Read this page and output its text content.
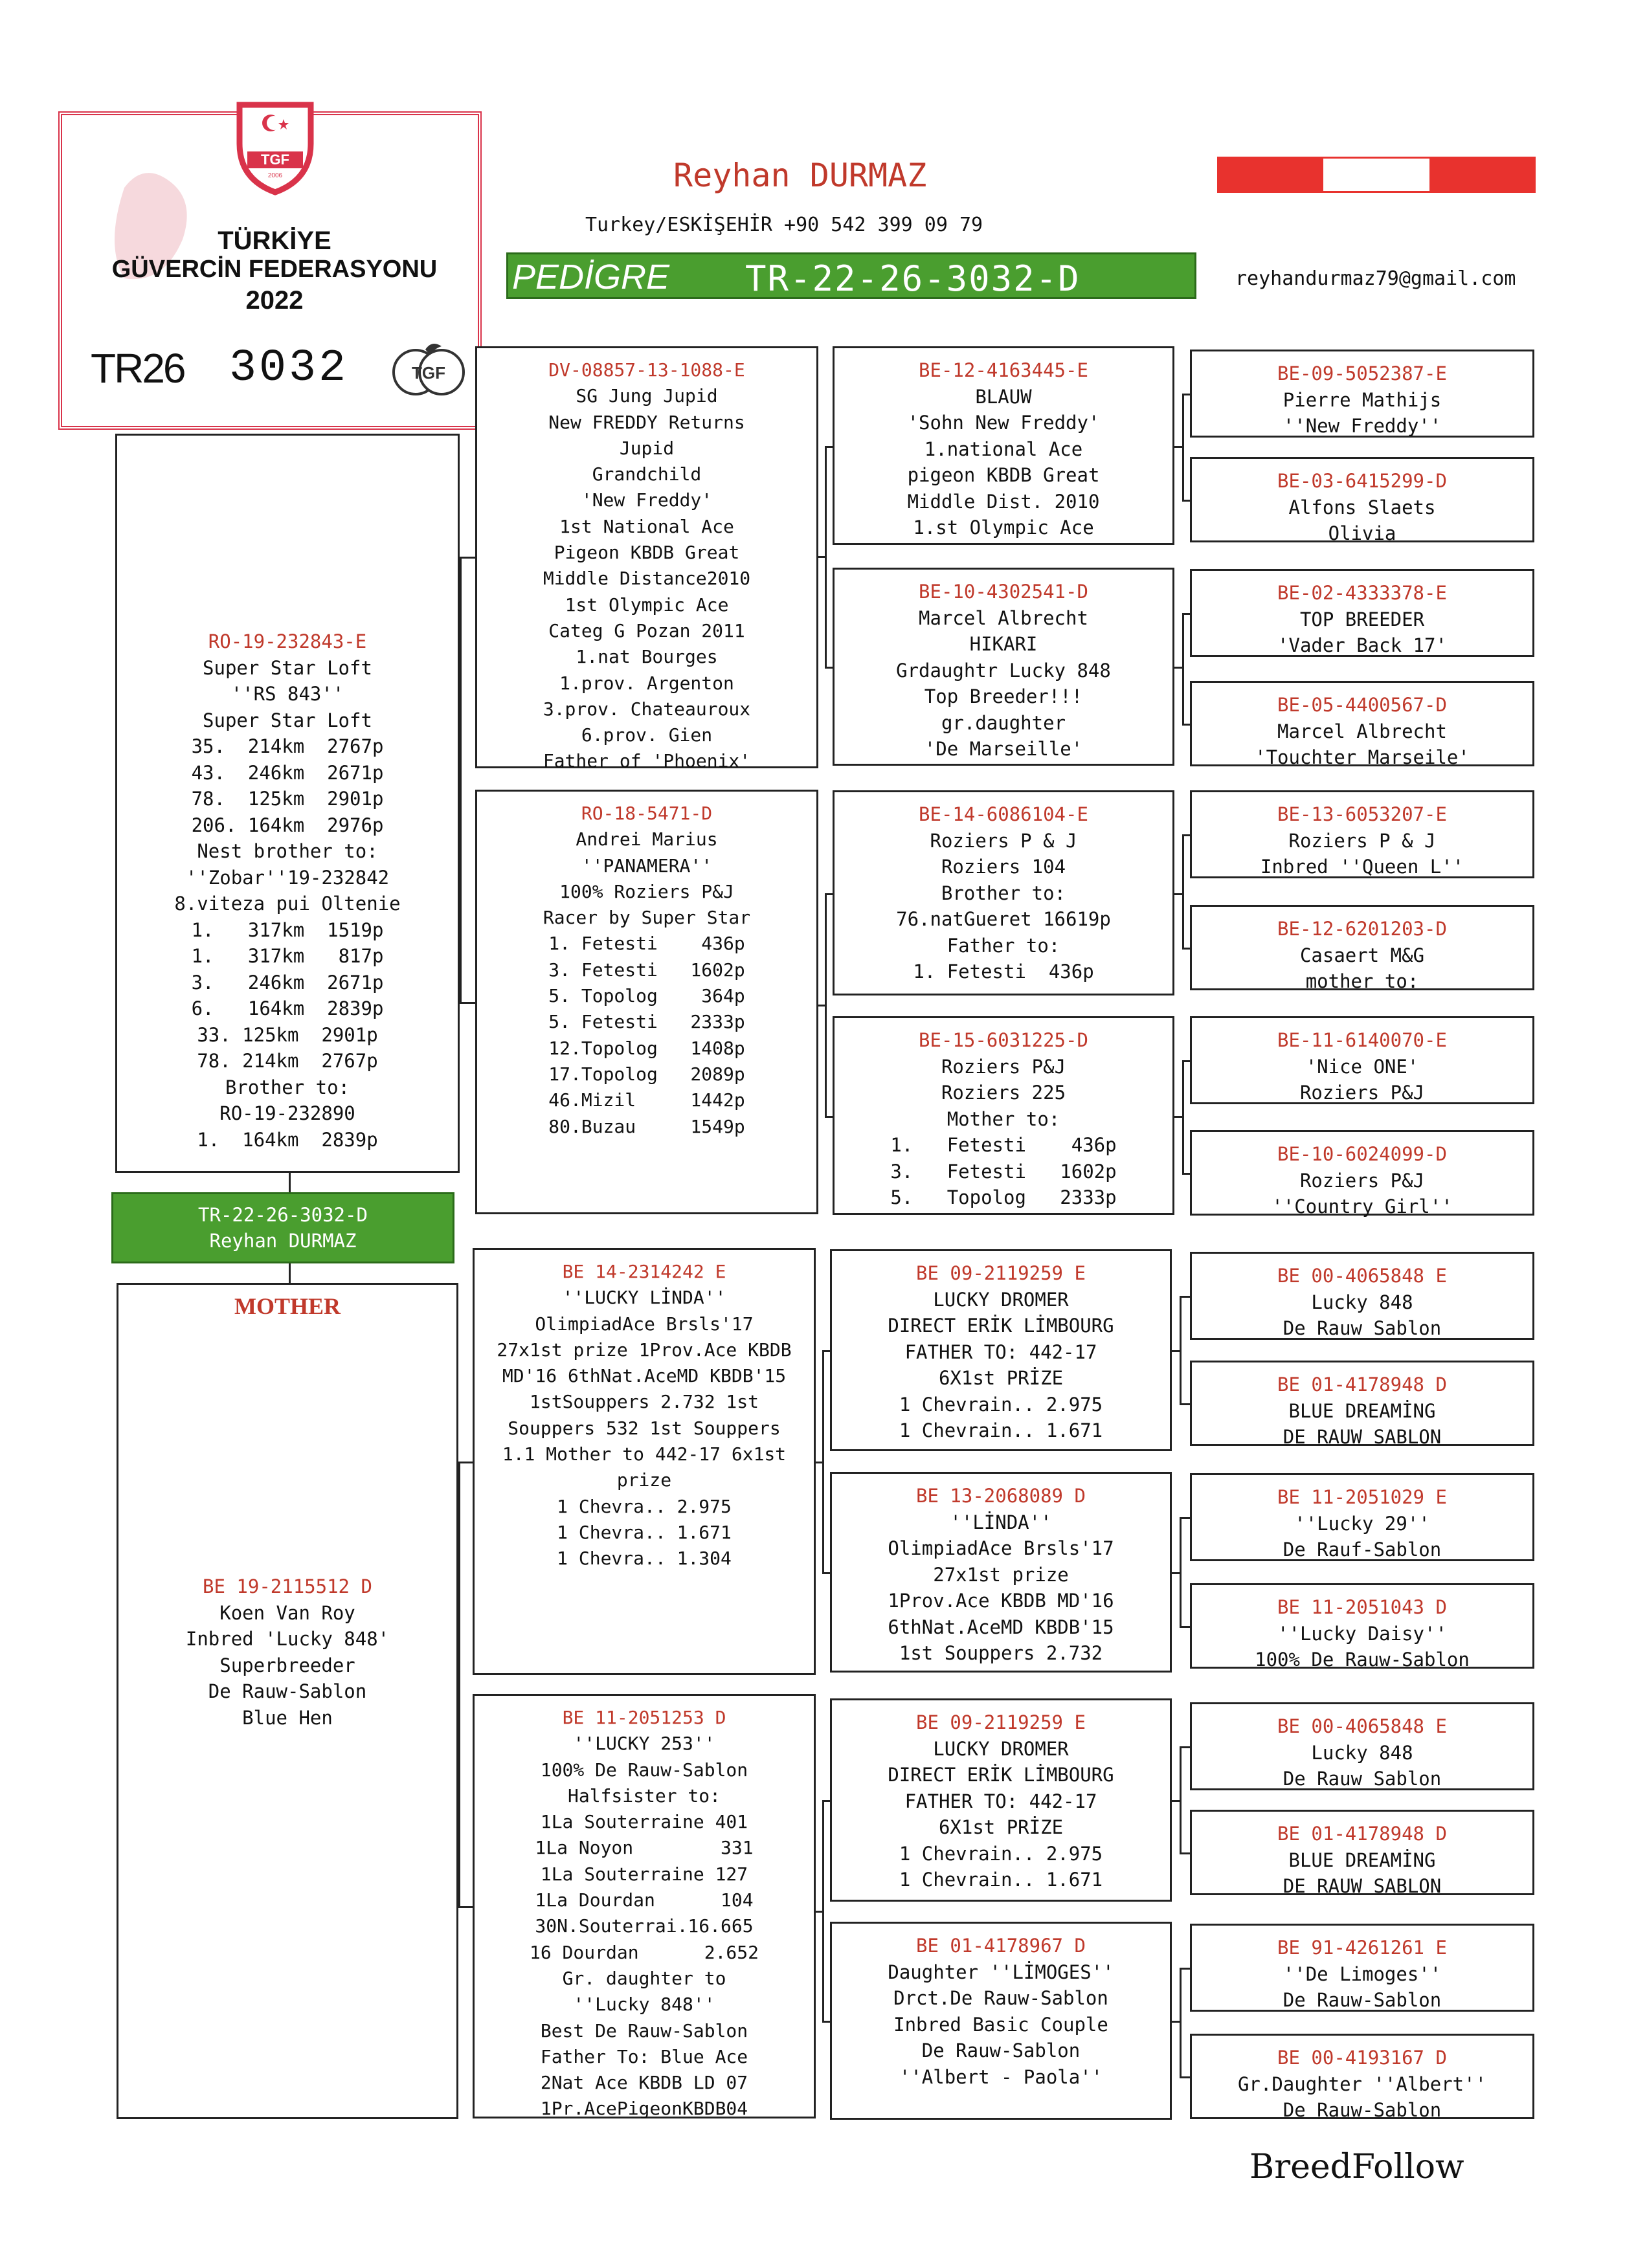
TGF
2006
TÜRKİYE
GÜVERCİN FEDERASYONU
2022
TR26 3032	TGF
Reyhan DURMAZ
Turkey/ESKİŞEHİR +90 542 399 09 79
PEDİGRE TR-22-26-3032-D	reyhandurmaz79@gmail.com
RO-19-232843-E
Super Star Loft
''RS 843''
Super Star Loft
35.  214km  2767p
43.  246km  2671p
78.  125km  2901p
206. 164km  2976p
Nest brother to:
''Zobar''19-232842
8.viteza pui Oltenie
1.   317km  1519p
1.   317km   817p
3.   246km  2671p
6.   164km  2839p
33. 125km  2901p
78. 214km  2767p
Brother to:
RO-19-232890
1.  164km  2839p
TR-22-26-3032-D
Reyhan DURMAZ
MOTHER
BE 19-2115512 D
Koen Van Roy
Inbred 'Lucky 848'
Superbreeder
De Rauw-Sablon
Blue Hen
DV-08857-13-1088-E
SG Jung Jupid
New FREDDY Returns
Jupid
Grandchild
'New Freddy'
1st National Ace
Pigeon KBDB Great
Middle Distance2010
1st Olympic Ace
Categ G Pozan 2011
1.nat Bourges
1.prov. Argenton
3.prov. Chateauroux
6.prov. Gien
Father of 'Phoenix'
RO-18-5471-D
Andrei Marius
''PANAMERA''
100% Roziers P&J
Racer by Super Star
1. Fetesti    436p
3. Fetesti   1602p
5. Topolog    364p
5. Fetesti   2333p
12.Topolog   1408p
17.Topolog   2089p
46.Mizil     1442p
80.Buzau     1549p
BE 14-2314242 E
''LUCKY LİNDA''
OlimpiadAce Brsls'17
27x1st prize 1Prov.Ace KBDB
MD'16 6thNat.AceMD KBDB'15
1stSouppers 2.732 1st
Souppers 532 1st Souppers
1.1 Mother to 442-17 6x1st
prize
1 Chevra.. 2.975
1 Chevra.. 1.671
1 Chevra.. 1.304
BE 11-2051253 D
''LUCKY 253''
100% De Rauw-Sablon
Halfsister to:
1La Souterraine 401
1La Noyon        331
1La Souterraine 127
1La Dourdan      104
30N.Souterrai.16.665
16 Dourdan      2.652
Gr. daughter to
''Lucky 848''
Best De Rauw-Sablon
Father To: Blue Ace
2Nat Ace KBDB LD 07
1Pr.AcePigeonKBDB04
BE-12-4163445-E
BLAUW
'Sohn New Freddy'
1.national Ace
pigeon KBDB Great
Middle Dist. 2010
1.st Olympic Ace
BE-10-4302541-D
Marcel Albrecht
HIKARI
Grdaughtr Lucky 848
Top Breeder!!!
gr.daughter
'De Marseille'
BE-14-6086104-E
Roziers P & J
Roziers 104
Brother to:
76.natGueret 16619p
Father to:
1. Fetesti  436p
BE-15-6031225-D
Roziers P&J
Roziers 225
Mother to:
1.   Fetesti    436p
3.   Fetesti   1602p
5.   Topolog   2333p
BE 09-2119259 E
LUCKY DROMER
DIRECT ERİK LİMBOURG
FATHER TO: 442-17
6X1st PRİZE
1 Chevrain.. 2.975
1 Chevrain.. 1.671
BE 13-2068089 D
''LİNDA''
OlimpiadAce Brsls'17
27x1st prize
1Prov.Ace KBDB MD'16
6thNat.AceMD KBDB'15
1st Souppers 2.732
BE 09-2119259 E
LUCKY DROMER
DIRECT ERİK LİMBOURG
FATHER TO: 442-17
6X1st PRİZE
1 Chevrain.. 2.975
1 Chevrain.. 1.671
BE 01-4178967 D
Daughter ''LİMOGES''
Drct.De Rauw-Sablon
Inbred Basic Couple
De Rauw-Sablon
''Albert - Paola''
BE-09-5052387-E
Pierre Mathijs
''New Freddy''
BE-03-6415299-D
Alfons Slaets
Olivia
BE-02-4333378-E
TOP BREEDER
'Vader Back 17'
BE-05-4400567-D
Marcel Albrecht
'Touchter Marseile'
BE-13-6053207-E
Roziers P & J
Inbred ''Queen L''
BE-12-6201203-D
Casaert M&G
mother to:
BE-11-6140070-E
'Nice ONE'
Roziers P&J
BE-10-6024099-D
Roziers P&J
''Country Girl''
BE 00-4065848 E
Lucky 848
De Rauw Sablon
BE 01-4178948 D
BLUE DREAMİNG
DE RAUW SABLON
BE 11-2051029 E
''Lucky 29''
De Rauf-Sablon
BE 11-2051043 D
''Lucky Daisy''
100% De Rauw-Sablon
BE 00-4065848 E
Lucky 848
De Rauw Sablon
BE 01-4178948 D
BLUE DREAMİNG
DE RAUW SABLON
BE 91-4261261 E
''De Limoges''
De Rauw-Sablon
BE 00-4193167 D
Gr.Daughter ''Albert''
De Rauw-Sablon
BreedFollow
